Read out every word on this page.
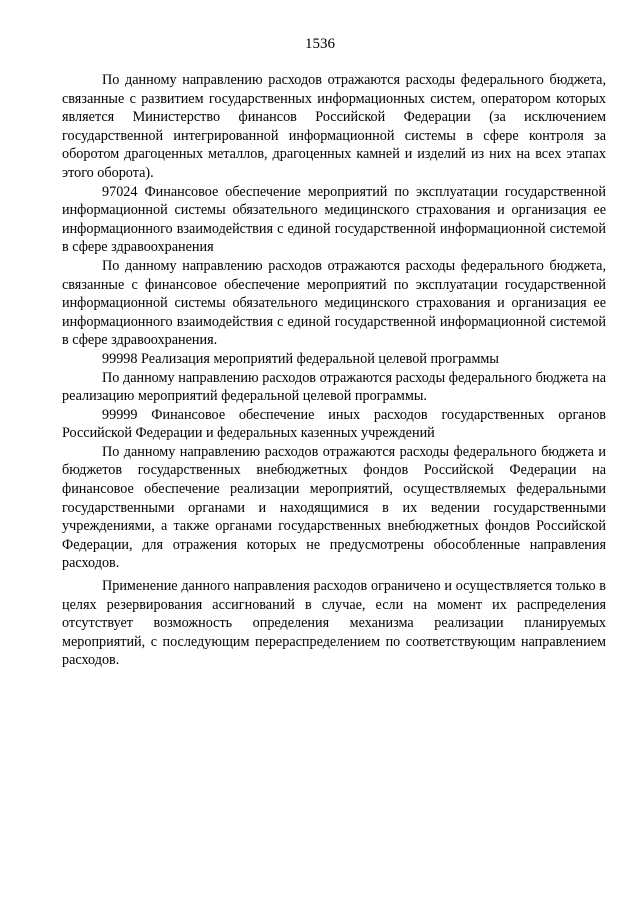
1536

По данному направлению расходов отражаются расходы федерального бюджета, связанные с развитием государственных информационных систем, оператором которых является Министерство финансов Российской Федерации (за исключением государственной интегрированной информационной системы в сфере контроля за оборотом драгоценных металлов, драгоценных камней и изделий из них на всех этапах этого оборота).

97024 Финансовое обеспечение мероприятий по эксплуатации государственной информационной системы обязательного медицинского страхования и организация ее информационного взаимодействия с единой государственной информационной системой в сфере здравоохранения

По данному направлению расходов отражаются расходы федерального бюджета, связанные с финансовое обеспечение мероприятий по эксплуатации государственной информационной системы обязательного медицинского страхования и организация ее информационного взаимодействия с единой государственной информационной системой в сфере здравоохранения.

99998 Реализация мероприятий федеральной целевой программы

По данному направлению расходов отражаются расходы федерального бюджета на реализацию мероприятий федеральной целевой программы.

99999 Финансовое обеспечение иных расходов государственных органов Российской Федерации и федеральных казенных учреждений

По данному направлению расходов отражаются расходы федерального бюджета и бюджетов государственных внебюджетных фондов Российской Федерации на финансовое обеспечение реализации мероприятий, осуществляемых федеральными государственными органами и находящимися в их ведении государственными учреждениями, а также органами государственных внебюджетных фондов Российской Федерации, для отражения которых не предусмотрены обособленные направления расходов.

Применение данного направления расходов ограничено и осуществляется только в целях резервирования ассигнований в случае, если на момент их распределения отсутствует возможность определения механизма реализации планируемых мероприятий, с последующим перераспределением по соответствующим направлением расходов.
